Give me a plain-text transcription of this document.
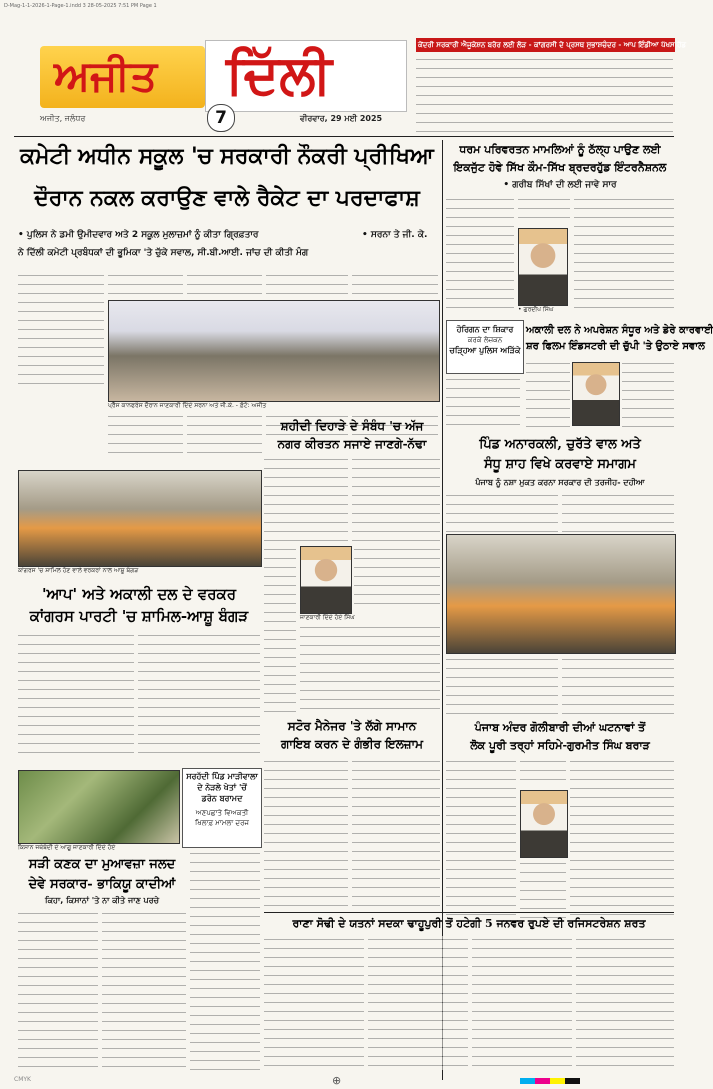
D-Mag-1-1-2026-1-Page-1.indd 3 28-05-2025 7:51 PM Page 1
ਅਜੀਤ ਦਿੱਲੀ
ਅਜੀਤ, ਜਲੰਧਰ	7	ਵੀਰਵਾਰ, 29 ਮਈ 2025
ਕੇਂਦਰੀ ਸਰਕਾਰੀ ਐਜੂਕੇਸ਼ਨ ਬਰੋਰ ਲਈ ਲੋੜ - ਕਾਂਗਰਸੀ ਦੇ ਪ੍ਰਸਥ ਸੁਭਾਸ਼ਚੰਦਰ - ਆਪ ਇੰਡੀਆ ਪੱਖਸ ਹੱਡ
ਕਮੇਟੀ ਅਧੀਨ ਸਕੂਲ 'ਚ ਸਰਕਾਰੀ ਨੌਕਰੀ ਪ੍ਰੀਖਿਆ
ਦੌਰਾਨ ਨਕਲ ਕਰਾਉਣ ਵਾਲੇ ਰੈਕੇਟ ਦਾ ਪਰਦਾਫਾਸ਼
• ਪੁਲਿਸ ਨੇ ਡਮੀ ਉਮੀਦਵਾਰ ਅਤੇ 2 ਸਕੂਲ ਮੁਲਾਜ਼ਮਾਂ ਨੂੰ ਕੀਤਾ ਗ੍ਰਿਫ਼ਤਾਰ	• ਸਰਨਾ ਤੇ ਜੀ. ਕੇ.
ਨੇ ਦਿੱਲੀ ਕਮੇਟੀ ਪ੍ਰਬੰਧਕਾਂ ਦੀ ਭੂਮਿਕਾ 'ਤੇ ਚੁੱਕੇ ਸਵਾਲ, ਸੀ.ਬੀ.ਆਈ. ਜਾਂਚ ਦੀ ਕੀਤੀ ਮੰਗ
ਪ੍ਰੈੱਸ ਕਾਨਫਰੰਸ ਦੌਰਾਨ ਜਾਣਕਾਰੀ ਦਿੰਦੇ ਸਰਨਾ ਅਤੇ ਜੀ.ਕੇ. - ਫ਼ੋਟੋ: ਅਜੀਤ
ਕਾਂਗਰਸ 'ਚ ਸ਼ਾਮਿਲ ਹੋਣ ਵਾਲੇ ਵਰਕਰਾਂ ਨਾਲ ਆਸ਼ੂ ਬੰਗੜ
'ਆਪ' ਅਤੇ ਅਕਾਲੀ ਦਲ ਦੇ ਵਰਕਰ
ਕਾਂਗਰਸ ਪਾਰਟੀ 'ਚ ਸ਼ਾਮਿਲ-ਆਸ਼ੂ ਬੰਗੜ
ਸ਼ਹੀਦੀ ਦਿਹਾੜੇ ਦੇ ਸੰਬੰਧ 'ਚ ਅੱਜ
ਨਗਰ ਕੀਰਤਨ ਸਜਾਏ ਜਾਣਗੇ-ਨੱਢਾ
ਜਾਣਕਾਰੀ ਦਿੰਦੇ ਹੋਏ ਸਿੰਘ
ਸਟੋਰ ਮੈਨੇਜਰ 'ਤੇ ਲੱਗੇ ਸਾਮਾਨ
ਗਾਇਬ ਕਰਨ ਦੇ ਗੰਭੀਰ ਇਲਜ਼ਾਮ
ਕਿਸਾਨ ਜਥੇਬੰਦੀ ਦੇ ਆਗੂ ਜਾਣਕਾਰੀ ਦਿੰਦੇ ਹੋਏ
ਸਰਹੱਦੀ ਪਿੰਡ ਮਾੜੀਵਾਲਾ
ਦੇ ਨੇੜਲੇ ਖੇਤਾਂ 'ਚੋਂ
ਡਰੋਨ ਬਰਾਮਦ
ਅਣਪਛਾਤੇ ਵਿਅਕਤੀ
ਖਿਲਾਫ਼ ਮਾਮਲਾ ਦਰਜ
ਸੜੀ ਕਣਕ ਦਾ ਮੁਆਵਜ਼ਾ ਜਲਦ
ਦੇਵੇ ਸਰਕਾਰ- ਭਾਕਿਯੂ ਕਾਦੀਆਂ
ਕਿਹਾ, ਕਿਸਾਨਾਂ 'ਤੇ ਨਾ ਕੀਤੇ ਜਾਣ ਪਰਚੇ
ਧਰਮ ਪਰਿਵਰਤਨ ਮਾਮਲਿਆਂ ਨੂੰ ਠੱਲ੍ਹ ਪਾਉਣ ਲਈ
ਇਕਜੁੱਟ ਹੋਵੇ ਸਿੱਖ ਕੌਮ-ਸਿੱਖ ਬ੍ਰਦਰਹੁੱਡ ਇੰਟਰਨੈਸ਼ਨਲ
• ਗਰੀਬ ਸਿੱਖਾਂ ਦੀ ਲਈ ਜਾਵੇ ਸਾਰ
• ਗੁਰਦੀਪ ਸਿੰਘ
ਹੋਰਿਗਨ ਦਾ ਸ਼ਿਕਾਰ
ਕਰਕੇ ਲੇਜ਼ਕਨ
ਚੜ੍ਹਿਆ ਪੁਲਿਸ ਅੜਿੱਕੇ
ਅਕਾਲੀ ਦਲ ਨੇ ਅਪਰੇਸ਼ਨ ਸੰਧੂਰ ਅਤੇ ਡੇਰੇ ਕਾਰਵਾਈ
ਸ਼ਰ ਫਿਲਮ ਇੰਡਸਟਰੀ ਦੀ ਚੁੱਪੀ 'ਤੇ ਉਠਾਏ ਸਵਾਲ
ਪਿੰਡ ਅਨਾਰਕਲੀ, ਚੁਰੱਤੇ ਵਾਲ ਅਤੇ
ਸੰਧੂ ਸ਼ਾਹ ਵਿਖੇ ਕਰਵਾਏ ਸਮਾਗਮ
ਪੰਜਾਬ ਨੂੰ ਨਸ਼ਾ ਮੁਕਤ ਕਰਨਾ ਸਰਕਾਰ ਦੀ ਤਰਜੀਹ- ਦਹੀਆ
ਪੰਜਾਬ ਅੰਦਰ ਗੋਲੀਬਾਰੀ ਦੀਆਂ ਘਟਨਾਵਾਂ ਤੋਂ
ਲੋਕ ਪੂਰੀ ਤਰ੍ਹਾਂ ਸਹਿਮੇ-ਗੁਰਮੀਤ ਸਿੰਘ ਬਰਾੜ
ਰਾਣਾ ਸੋਢੀ ਦੇ ਯਤਨਾਂ ਸਦਕਾ ਢਾਹੂਪੁਰੀ ਤੋਂ ਹਟੇਗੀ 5 ਜਨਵਰ ਰੁਪਏ ਦੀ ਰਜਿਸਟਰੇਸ਼ਨ ਸ਼ਰਤ
CMYK	⊕
